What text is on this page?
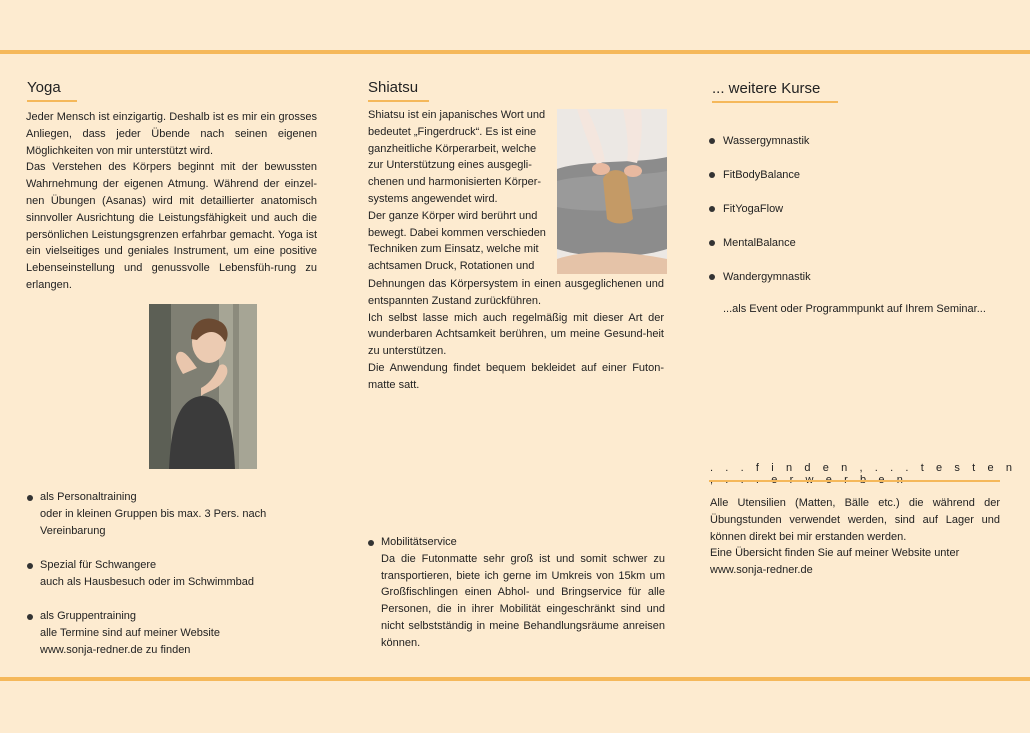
Yoga

Jeder Mensch ist einzigartig. Deshalb ist es mir ein grosses Anliegen, dass jeder Übende nach seinen eigenen Möglichkeiten von mir unterstützt wird.

Das Verstehen des Körpers beginnt mit der bewussten Wahrnehmung der eigenen Atmung. Während der einzel-nen Übungen (Asanas) wird mit detaillierter anatomisch sinnvoller Ausrichtung die Leistungsfähigkeit und auch die persönlichen Leistungsgrenzen erfahrbar gemacht. Yoga ist ein vielseitiges und geniales Instrument, um eine positive Lebenseinstellung und genussvolle Lebensfüh-rung zu erlangen.

als Personaltraining
oder in kleinen Gruppen bis max. 3 Pers. nach
Vereinbarung
Spezial für Schwangere
auch als Hausbesuch oder im Schwimmbad
als Gruppentraining
alle Termine sind auf meiner Website
www.sonja-redner.de zu finden
Shiatsu
Shiatsu ist ein japanisches Wort und
bedeutet „Fingerdruck“. Es ist eine
ganzheitliche Körperarbeit, welche
zur Unterstützung eines ausgegli-
chenen und harmonisierten Körper-
systems angewendet wird.
Der ganze Körper wird berührt und
bewegt. Dabei kommen verschieden
Techniken zum Einsatz, welche mit
achtsamen Druck, Rotationen und

Dehnungen das Körpersystem in einen ausgeglichenen und entspannten Zustand zurückführen.

Ich selbst lasse mich auch regelmäßig mit dieser Art der wunderbaren Achtsamkeit berühren, um meine Gesund-heit zu unterstützen.

Die Anwendung findet bequem bekleidet auf einer Futon-matte satt.

Mobilitätservice
Da die Futonmatte sehr groß ist und somit schwer zu transportieren, biete ich gerne im Umkreis von 15km um Großfischlingen einen Abhol- und Bringservice für alle Personen, die in ihrer Mobilität eingeschränkt sind und nicht selbstständig in meine Behandlungsräume anreisen können.
... weitere Kurse
Wassergymnastik
FitBodyBalance
FitYogaFlow
MentalBalance
Wandergymnastik
...als Event oder Programmpunkt auf Ihrem Seminar...
. . . f i n d e n , . . . t e s t e n

Alle Utensilien (Matten, Bälle etc.) die während der Übungstunden verwendet werden, sind auf Lager und können direkt bei mir erstanden werden.

Eine Übersicht finden Sie auf meiner Website unter www.sonja-redner.de
